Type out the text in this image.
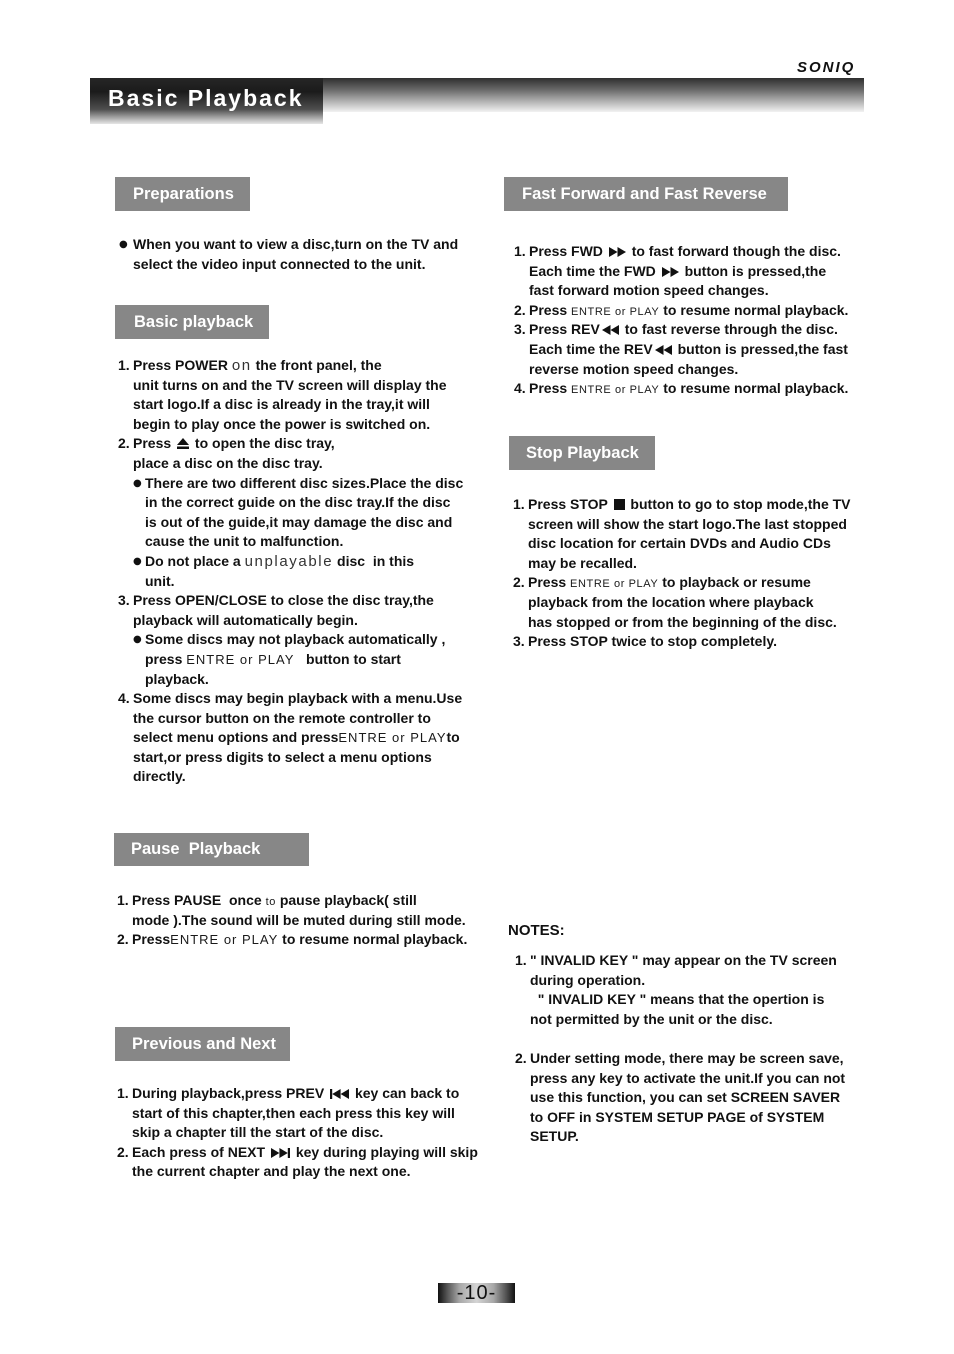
SONIQ
Basic Playback
Preparations
● When you want to view a disc,turn on the TV and
select the video input connected to the unit.
Basic playback
1. Press POWER on the front panel, the
unit turns on and the TV screen will display the
start logo.If a disc is already in the tray,it will
begin to play once the power is switched on.
2. Press
to open the disc tray,
place a disc on the disc tray.
● There are two different disc sizes.Place the disc
in the correct guide on the disc tray.If the disc
is out of the guide,it may damage the disc and
cause the unit to malfunction.
● Do not place a unplayable disc  in this
unit.
3. Press OPEN/CLOSE to close the disc tray,the
playback will automatically begin.
● Some discs may not playback automatically ,
press ENTRE or PLAY   button to start
playback.
4. Some discs may begin playback with a menu.Use
the cursor button on the remote controller to
select menu options and pressENTRE or PLAYto
start,or press digits to select a menu options
directly.
Pause  Playback
1. Press PAUSE  once to pause playback( still
mode ).The sound will be muted during still mode.
2. PressENTRE or PLAY to resume normal playback.
Previous and Next
1. During playback,press PREV
key can back to
start of this chapter,then each press this key will
skip a chapter till the start of the disc.
2. Each press of NEXT
key during playing will skip
the current chapter and play the next one.
Fast Forward and Fast Reverse
1. Press FWD
to fast forward though the disc.
Each time the FWD
button is pressed,the
fast forward motion speed changes.
2. Press ENTRE or PLAY to resume normal playback.
3. Press REV
to fast reverse through the disc.
Each time the REV
button is pressed,the fast
reverse motion speed changes.
4. Press ENTRE or PLAY to resume normal playback.
Stop Playback
1. Press STOP
button to go to stop mode,the TV
screen will show the start logo.The last stopped
disc location for certain DVDs and Audio CDs
may be recalled.
2. Press ENTRE or PLAY to playback or resume
playback from the location where playback
has stopped or from the beginning of the disc.
3. Press STOP twice to stop completely.
NOTES:
1. " INVALID KEY " may appear on the TV screen
during operation.
" INVALID KEY " means that the opertion is
not permitted by the unit or the disc.
2. Under setting mode, there may be screen save,
press any key to activate the unit.If you can not
use this function, you can set SCREEN SAVER
to OFF in SYSTEM SETUP PAGE of SYSTEM
SETUP.
-10-
